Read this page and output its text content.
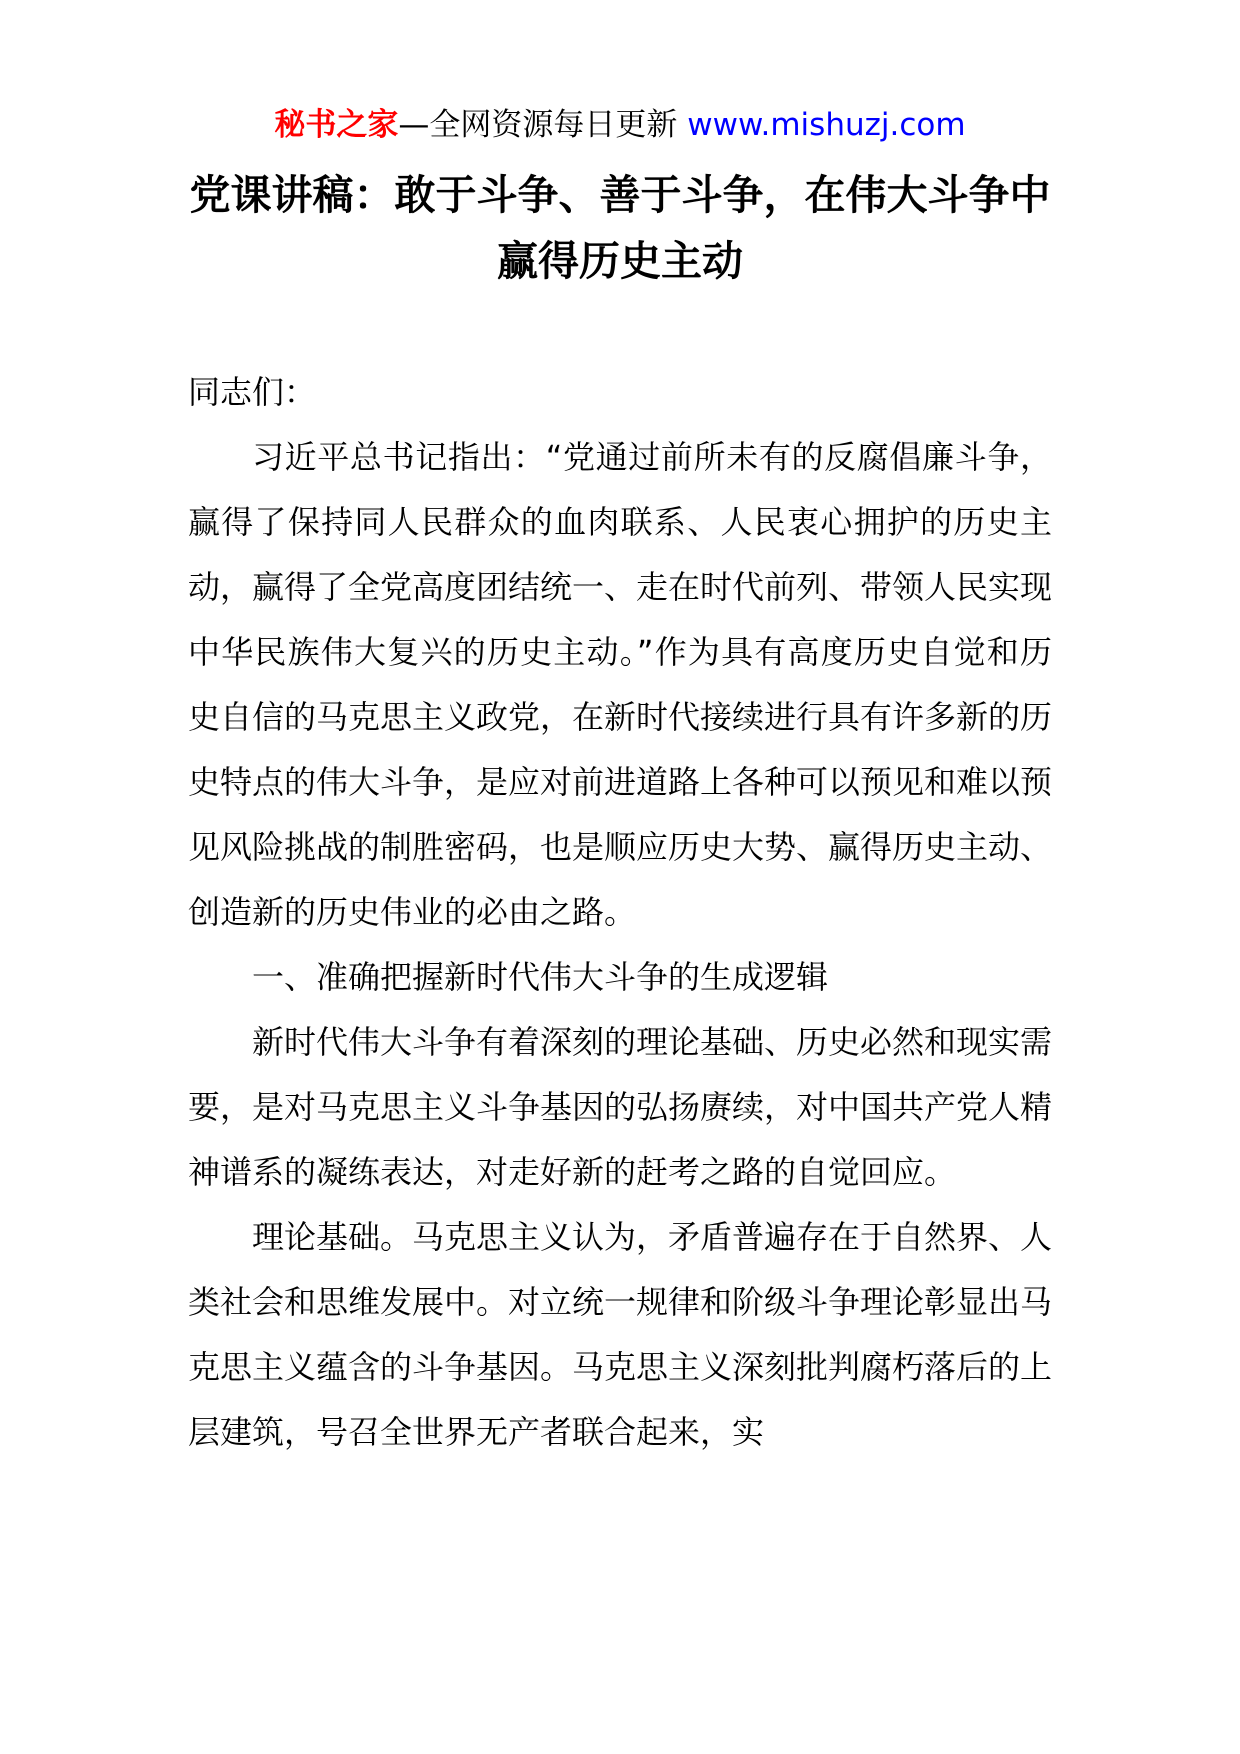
秘书之家—全网资源每日更新 www.mishuzj.com
党课讲稿：敢于斗争、善于斗争，在伟大斗争中赢得历史主动

同志们：

习近平总书记指出：“党通过前所未有的反腐倡廉斗争，赢得了保持同人民群众的血肉联系、人民衷心拥护的历史主动，赢得了全党高度团结统一、走在时代前列、带领人民实现中华民族伟大复兴的历史主动。”作为具有高度历史自觉和历史自信的马克思主义政党，在新时代接续进行具有许多新的历史特点的伟大斗争，是应对前进道路上各种可以预见和难以预见风险挑战的制胜密码，也是顺应历史大势、赢得历史主动、创造新的历史伟业的必由之路。

一、准确把握新时代伟大斗争的生成逻辑

新时代伟大斗争有着深刻的理论基础、历史必然和现实需要，是对马克思主义斗争基因的弘扬赓续，对中国共产党人精神谱系的凝练表达，对走好新的赶考之路的自觉回应。

理论基础。马克思主义认为，矛盾普遍存在于自然界、人类社会和思维发展中。对立统一规律和阶级斗争理论彰显出马克思主义蕴含的斗争基因。马克思主义深刻批判腐朽落后的上层建筑，号召全世界无产者联合起来，实
